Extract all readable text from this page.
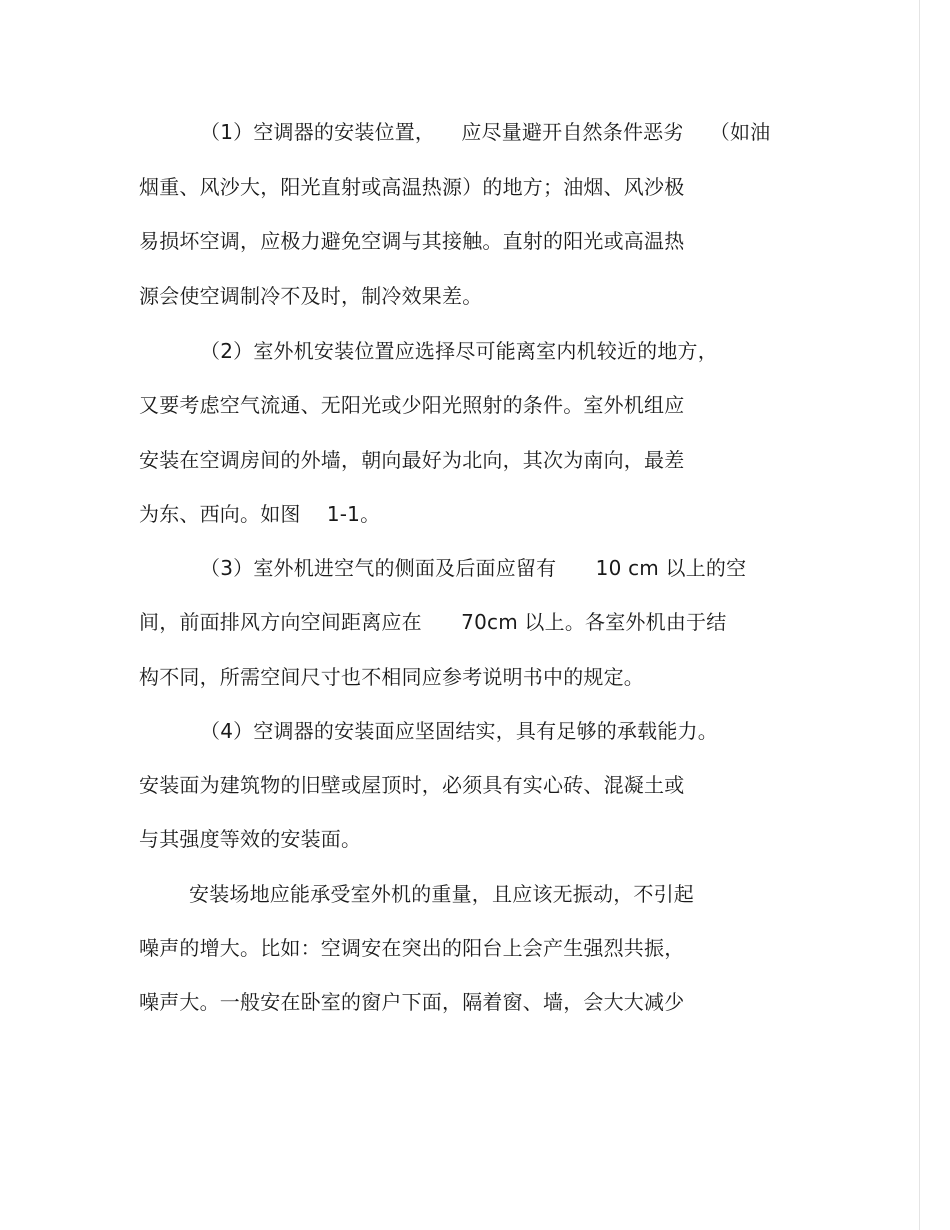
（1）空调器的安装位置，    应尽量避开自然条件恶劣    （如油
烟重、风沙大，阳光直射或高温热源）的地方；油烟、风沙极
易损坏空调，应极力避免空调与其接触。直射的阳光或高温热
源会使空调制冷不及时，制冷效果差。
（2）室外机安装位置应选择尽可能离室内机较近的地方，
又要考虑空气流通、无阳光或少阳光照射的条件。室外机组应
安装在空调房间的外墙，朝向最好为北向，其次为南向，最差
为东、西向。如图    1-1。
（3）室外机进空气的侧面及后面应留有      10 cm 以上的空
间，前面排风方向空间距离应在      70cm 以上。各室外机由于结
构不同，所需空间尺寸也不相同应参考说明书中的规定。
（4）空调器的安装面应坚固结实，具有足够的承载能力。
安装面为建筑物的旧壁或屋顶时，必须具有实心砖、混凝土或
与其强度等效的安装面。
安装场地应能承受室外机的重量，且应该无振动，不引起
噪声的增大。比如：空调安在突出的阳台上会产生强烈共振，
噪声大。一般安在卧室的窗户下面，隔着窗、墙，会大大减少
